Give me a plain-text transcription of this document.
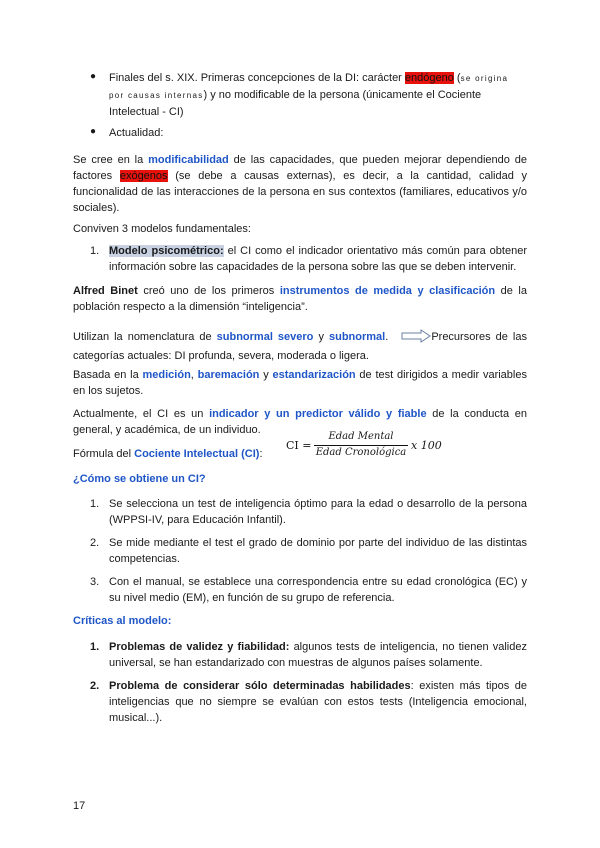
● Finales del s. XIX. Primeras concepciones de la DI: carácter endógeno (se origina
por causas internas) y no modificable de la persona (únicamente el Cociente
Intelectual - CI)
● Actualidad:
Se cree en la modificabilidad de las capacidades, que pueden mejorar dependiendo de factores exógenos (se debe a causas externas), es decir, a la cantidad, calidad y funcionalidad de las interacciones de la persona en sus contextos (familiares, educativos y/o sociales).
Conviven 3 modelos fundamentales:
1. Modelo psicométrico: el CI como el indicador orientativo más común para obtener información sobre las capacidades de la persona sobre las que se deben intervenir.
Alfred Binet creó uno de los primeros instrumentos de medida y clasificación de la población respecto a la dimensión “inteligencia”.
Utilizan la nomenclatura de subnormal severo y subnormal.	Precursores de las categorías actuales: DI profunda, severa, moderada o ligera.
Basada en la medición, baremación y estandarización de test dirigidos a medir variables en los sujetos.
Actualmente, el CI es un indicador y un predictor válido y fiable de la conducta en general, y académica, de un individuo.
Fórmula del Cociente Intelectual (CI):
CI =
Edad Mental
Edad Cronológica
x 100
¿Cómo se obtiene un CI?
1. Se selecciona un test de inteligencia óptimo para la edad o desarrollo de la persona (WPPSI-IV, para Educación Infantil).
2. Se mide mediante el test el grado de dominio por parte del individuo de las distintas competencias.
3. Con el manual, se establece una correspondencia entre su edad cronológica (EC) y su nivel medio (EM), en función de su grupo de referencia.
Críticas al modelo:
1. Problemas de validez y fiabilidad: algunos tests de inteligencia, no tienen validez universal, se han estandarizado con muestras de algunos países solamente.
2. Problema de considerar sólo determinadas habilidades: existen más tipos de inteligencias que no siempre se evalúan con estos tests (Inteligencia emocional, musical...).
17
